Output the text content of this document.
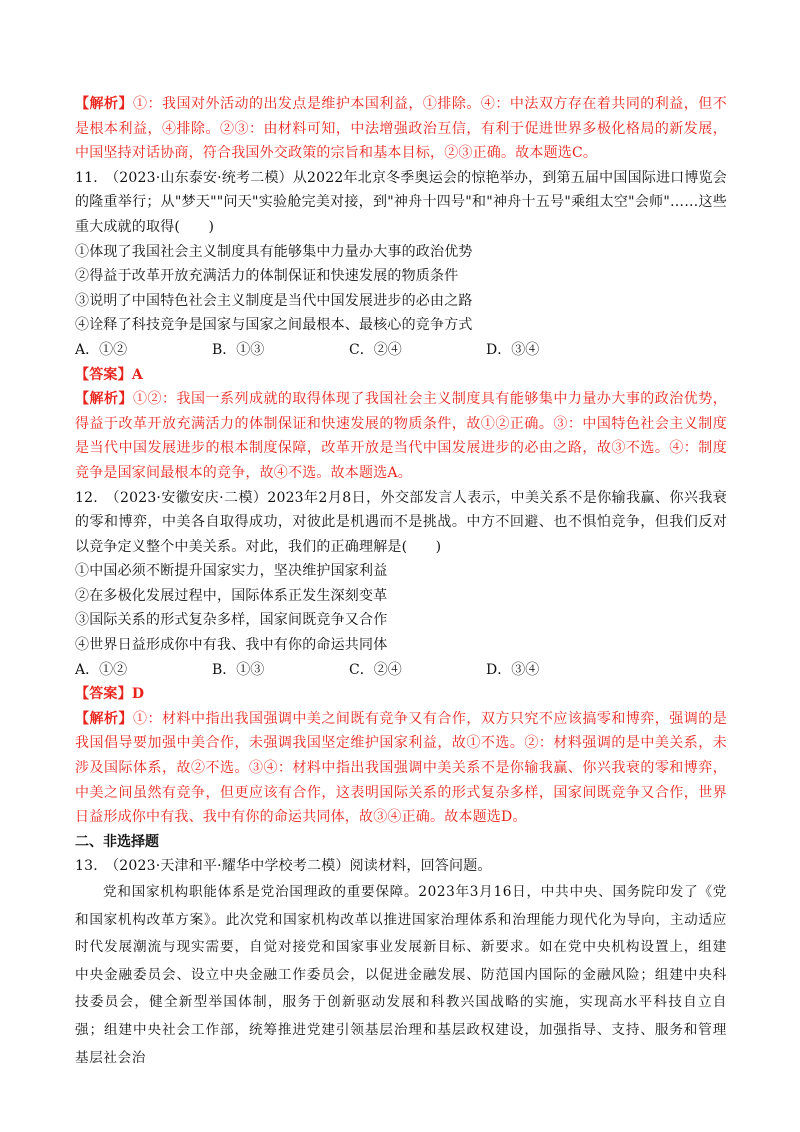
【解析】①：我国对外活动的出发点是维护本国利益，①排除。④：中法双方存在着共同的利益，但不是根本利益，④排除。②③：由材料可知，中法增强政治互信，有利于促进世界多极化格局的新发展，中国坚持对话协商，符合我国外交政策的宗旨和基本目标，②③正确。故本题选C。

11.　（2023·山东泰安·统考二模）从2022年北京冬季奥运会的惊艳举办，到第五届中国国际进口博览会的隆重举行；从"梦天""问天"实验舱完美对接，到"神舟十四号"和"神舟十五号"乘组太空"会师"……这些重大成就的取得(　　)

①体现了我国社会主义制度具有能够集中力量办大事的政治优势

②得益于改革开放充满活力的体制保证和快速发展的物质条件

③说明了中国特色社会主义制度是当代中国发展进步的必由之路

④诠释了科技竞争是国家与国家之间最根本、最核心的竞争方式

A．①②	B．①③	C．②④	D．③④

【答案】A

【解析】①②：我国一系列成就的取得体现了我国社会主义制度具有能够集中力量办大事的政治优势，得益于改革开放充满活力的体制保证和快速发展的物质条件，故①②正确。③：中国特色社会主义制度是当代中国发展进步的根本制度保障，改革开放是当代中国发展进步的必由之路，故③不选。④：制度竞争是国家间最根本的竞争，故④不选。故本题选A。

12.　（2023·安徽安庆·二模）2023年2月8日，外交部发言人表示，中美关系不是你输我赢、你兴我衰的零和博弈，中美各自取得成功，对彼此是机遇而不是挑战。中方不回避、也不惧怕竞争，但我们反对以竞争定义整个中美关系。对此，我们的正确理解是(　　)

①中国必须不断提升国家实力，坚决维护国家利益

②在多极化发展过程中，国际体系正发生深刻变革

③国际关系的形式复杂多样，国家间既竞争又合作

④世界日益形成你中有我、我中有你的命运共同体

A．①②	B．①③	C．②④	D．③④

【答案】D

【解析】①：材料中指出我国强调中美之间既有竞争又有合作，双方只究不应该搞零和博弈，强调的是我国倡导要加强中美合作，未强调我国坚定维护国家利益，故①不选。②：材料强调的是中美关系，未涉及国际体系，故②不选。③④：材料中指出我国强调中美关系不是你输我赢、你兴我衰的零和博弈，中美之间虽然有竞争，但更应该有合作，这表明国际关系的形式复杂多样，国家间既竞争又合作，世界日益形成你中有我、我中有你的命运共同体，故③④正确。故本题选D。

二、非选择题

13.　（2023·天津和平·耀华中学校考二模）阅读材料，回答问题。

党和国家机构职能体系是党治国理政的重要保障。2023年3月16日，中共中央、国务院印发了《党和国家机构改革方案》。此次党和国家机构改革以推进国家治理体系和治理能力现代化为导向，主动适应时代发展潮流与现实需要，自觉对接党和国家事业发展新目标、新要求。如在党中央机构设置上，组建中央金融委员会、设立中央金融工作委员会，以促进金融发展、防范国内国际的金融风险；组建中央科技委员会，健全新型举国体制，服务于创新驱动发展和科教兴国战略的实施，实现高水平科技自立自强；组建中央社会工作部，统筹推进党建引领基层治理和基层政权建设，加强指导、支持、服务和管理基层社会治
